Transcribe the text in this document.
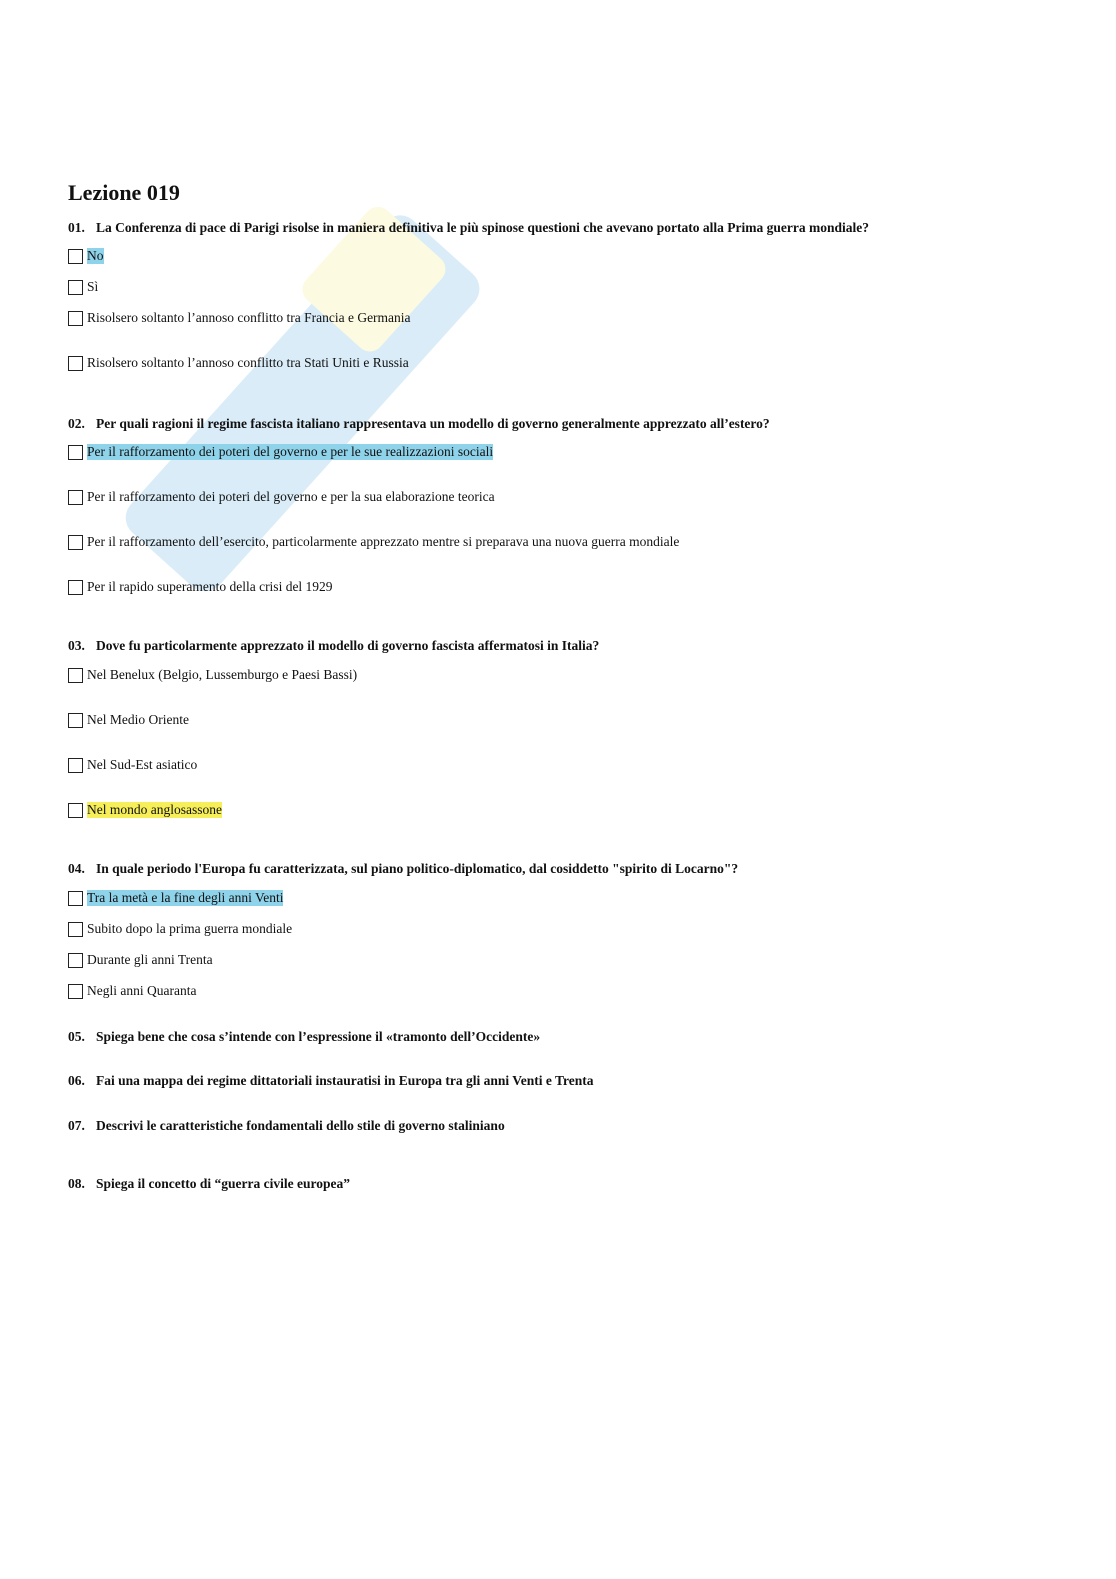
Lezione 019

01. La Conferenza di pace di Parigi risolse in maniera definitiva le più spinose questioni che avevano portato alla Prima guerra mondiale?

No
Sì
Risolsero soltanto l’annoso conflitto tra Francia e Germania
Risolsero soltanto l’annoso conflitto tra Stati Uniti e Russia

02. Per quali ragioni il regime fascista italiano rappresentava un modello di governo generalmente apprezzato all’estero?

Per il rafforzamento dei poteri del governo e per le sue realizzazioni sociali
Per il rafforzamento dei poteri del governo e per la sua elaborazione teorica
Per il rafforzamento dell’esercito, particolarmente apprezzato mentre si preparava una nuova guerra mondiale
Per il rapido superamento della crisi del 1929

03. Dove fu particolarmente apprezzato il modello di governo fascista affermatosi in Italia?

Nel Benelux (Belgio, Lussemburgo e Paesi Bassi)
Nel Medio Oriente
Nel Sud-Est asiatico
Nel mondo anglosassone

04. In quale periodo l'Europa fu caratterizzata, sul piano politico-diplomatico, dal cosiddetto "spirito di Locarno"?

Tra la metà e la fine degli anni Venti
Subito dopo la prima guerra mondiale
Durante gli anni Trenta
Negli anni Quaranta

05. Spiega bene che cosa s’intende con l’espressione il «tramonto dell’Occidente»

06. Fai una mappa dei regime dittatoriali instauratisi in Europa tra gli anni Venti e Trenta

07. Descrivi le caratteristiche fondamentali dello stile di governo staliniano

08. Spiega il concetto di “guerra civile europea”
